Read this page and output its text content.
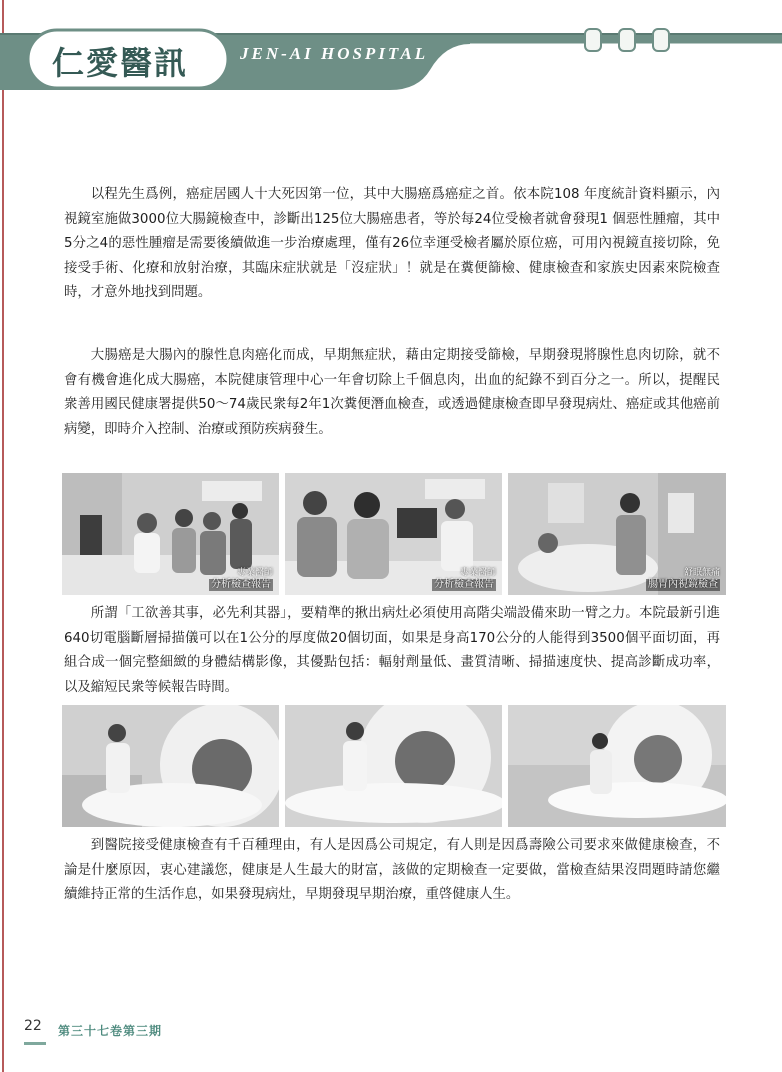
仁愛醫訊	JEN-AI HOSPITAL

以程先生爲例，癌症居國人十大死因第一位，其中大腸癌爲癌症之首。依本院108 年度統計資料顯示，內視鏡室施做3000位大腸鏡檢查中，診斷出125位大腸癌患者，等於每24位受檢者就會發現1 個惡性腫瘤，其中5分之4的惡性腫瘤是需要後續做進一步治療處理，僅有26位幸運受檢者屬於原位癌，可用內視鏡直接切除，免接受手術、化療和放射治療，其臨床症狀就是「沒症狀」！就是在糞便篩檢、健康檢查和家族史因素來院檢查時，才意外地找到問題。

大腸癌是大腸內的腺性息肉癌化而成，早期無症狀，藉由定期接受篩檢，早期發現將腺性息肉切除，就不會有機會進化成大腸癌，本院健康管理中心一年會切除上千個息肉，出血的紀錄不到百分之一。所以，提醒民衆善用國民健康署提供50～74歲民衆每2年1次糞便潛血檢查，或透過健康檢查即早發現病灶、癌症或其他癌前病變，即時介入控制、治療或預防疾病發生。

專業醫師
分析檢查報告
專業醫師
分析檢查報告
舒眠無痛
腸胃內視鏡檢查

所謂「工欲善其事，必先利其器」，要精準的揪出病灶必須使用高階尖端設備來助一臂之力。本院最新引進640切電腦斷層掃描儀可以在1公分的厚度做20個切面，如果是身高170公分的人能得到3500個平面切面，再組合成一個完整細緻的身體結構影像，其優點包括：輻射劑量低、畫質清晰、掃描速度快、提高診斷成功率，以及縮短民衆等候報告時間。

到醫院接受健康檢查有千百種理由，有人是因爲公司規定，有人則是因爲壽險公司要求來做健康檢查，不論是什麼原因，衷心建議您，健康是人生最大的財富，該做的定期檢查一定要做，當檢查結果沒問題時請您繼續維持正常的生活作息，如果發現病灶，早期發現早期治療，重啓健康人生。

22 第三十七卷第三期
